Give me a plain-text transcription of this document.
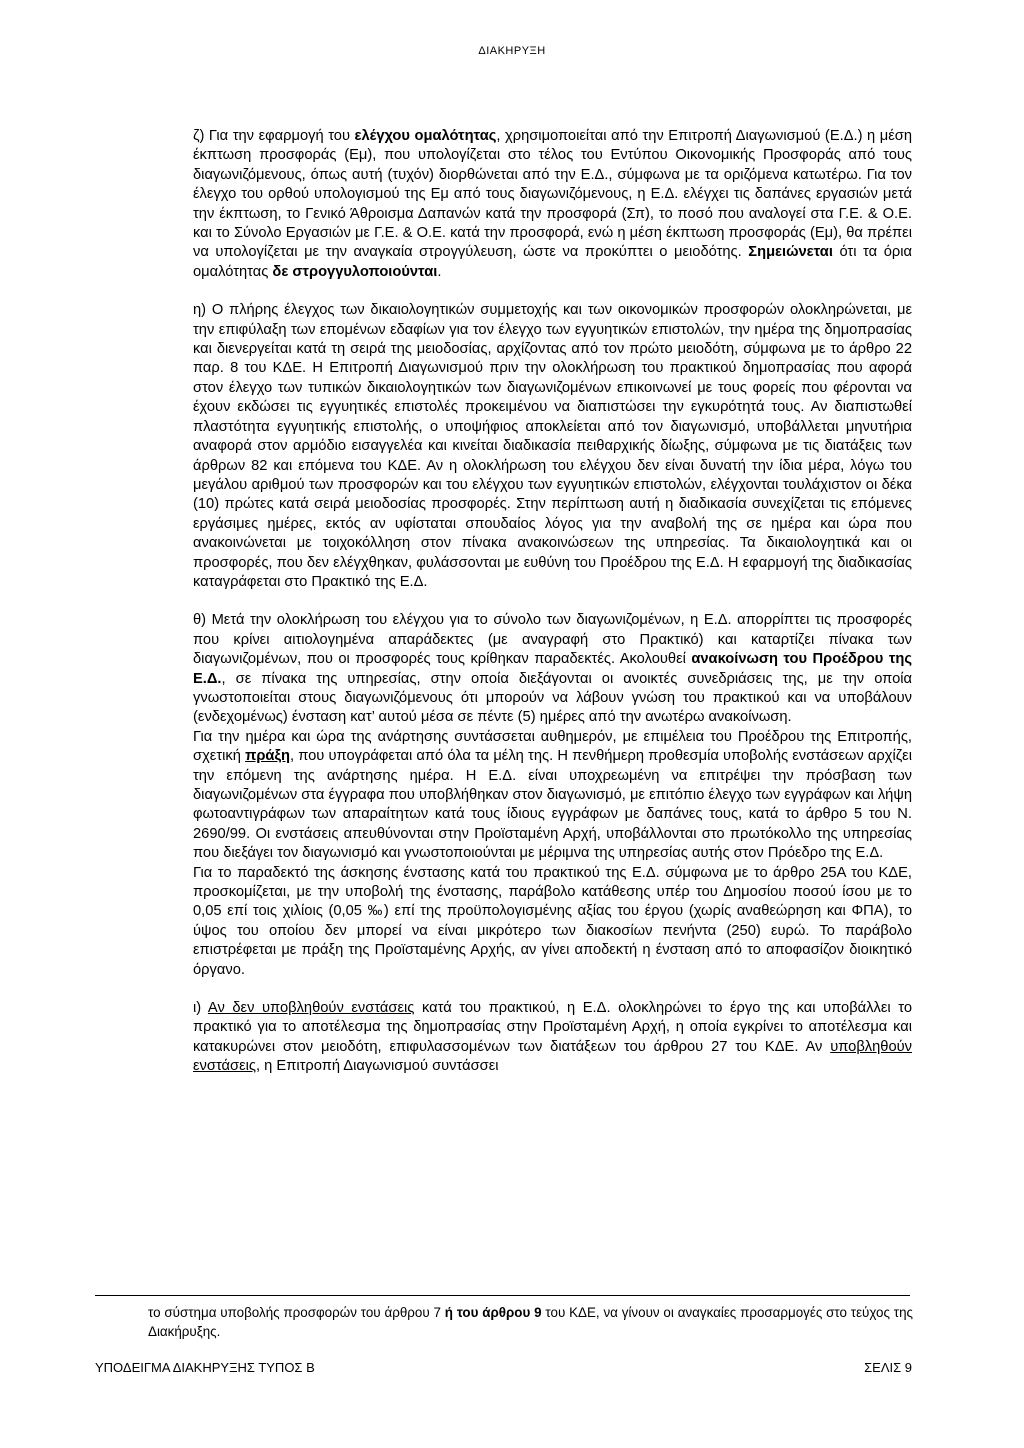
ΔΙΑΚΗΡΥΞΗ

ζ) Για την εφαρμογή του ελέγχου ομαλότητας, χρησιμοποιείται από την Επιτροπή Διαγωνισμού (Ε.Δ.) η μέση έκπτωση προσφοράς (Εμ), που υπολογίζεται στο τέλος του Εντύπου Οικονομικής Προσφοράς από τους διαγωνιζόμενους, όπως αυτή (τυχόν) διορθώνεται από την Ε.Δ., σύμφωνα με τα οριζόμενα κατωτέρω. Για τον έλεγχο του ορθού υπολογισμού της Εμ από τους διαγωνιζόμενους, η Ε.Δ. ελέγχει τις δαπάνες εργασιών μετά την έκπτωση, το Γενικό Άθροισμα Δαπανών κατά την προσφορά (Σπ), το ποσό που αναλογεί στα Γ.Ε. & Ο.Ε. και το Σύνολο Εργασιών με Γ.Ε. & Ο.Ε. κατά την προσφορά, ενώ η μέση έκπτωση προσφοράς (Εμ), θα πρέπει να υπολογίζεται με την αναγκαία στρογγύλευση, ώστε να προκύπτει ο μειοδότης. Σημειώνεται ότι τα όρια ομαλότητας δε στρογγυλοποιούνται.

η) Ο πλήρης έλεγχος των δικαιολογητικών συμμετοχής και των οικονομικών προσφορών ολοκληρώνεται, με την επιφύλαξη των επομένων εδαφίων για τον έλεγχο των εγγυητικών επιστολών, την ημέρα της δημοπρασίας και διενεργείται κατά τη σειρά της μειοδοσίας, αρχίζοντας από τον πρώτο μειοδότη, σύμφωνα με το άρθρο 22 παρ. 8 του ΚΔΕ. Η Επιτροπή Διαγωνισμού πριν την ολοκλήρωση του πρακτικού δημοπρασίας που αφορά στον έλεγχο των τυπικών δικαιολογητικών των διαγωνιζομένων επικοινωνεί με τους φορείς που φέρονται να έχουν εκδώσει τις εγγυητικές επιστολές προκειμένου να διαπιστώσει την εγκυρότητά τους. Αν διαπιστωθεί πλαστότητα εγγυητικής επιστολής, ο υποψήφιος αποκλείεται από τον διαγωνισμό, υποβάλλεται μηνυτήρια αναφορά στον αρμόδιο εισαγγελέα και κινείται διαδικασία πειθαρχικής δίωξης, σύμφωνα με τις διατάξεις των άρθρων 82 και επόμενα του ΚΔΕ. Αν η ολοκλήρωση του ελέγχου δεν είναι δυνατή την ίδια μέρα, λόγω του μεγάλου αριθμού των προσφορών και του ελέγχου των εγγυητικών επιστολών, ελέγχονται τουλάχιστον οι δέκα (10) πρώτες κατά σειρά μειοδοσίας προσφορές. Στην περίπτωση αυτή η διαδικασία συνεχίζεται τις επόμενες εργάσιμες ημέρες, εκτός αν υφίσταται σπουδαίος λόγος για την αναβολή της σε ημέρα και ώρα που ανακοινώνεται με τοιχοκόλληση στον πίνακα ανακοινώσεων της υπηρεσίας. Τα δικαιολογητικά και οι προσφορές, που δεν ελέγχθηκαν, φυλάσσονται με ευθύνη του Προέδρου της Ε.Δ. Η εφαρμογή της διαδικασίας καταγράφεται στο Πρακτικό της Ε.Δ.

θ) Μετά την ολοκλήρωση του ελέγχου για το σύνολο των διαγωνιζομένων, η Ε.Δ. απορρίπτει τις προσφορές που κρίνει αιτιολογημένα απαράδεκτες (με αναγραφή στο Πρακτικό) και καταρτίζει πίνακα των διαγωνιζομένων, που οι προσφορές τους κρίθηκαν παραδεκτές. Ακολουθεί ανακοίνωση του Προέδρου της Ε.Δ., σε πίνακα της υπηρεσίας, στην οποία διεξάγονται οι ανοικτές συνεδριάσεις της, με την οποία γνωστοποιείται στους διαγωνιζόμενους ότι μπορούν να λάβουν γνώση του πρακτικού και να υποβάλουν (ενδεχομένως) ένσταση κατ’ αυτού μέσα σε πέντε (5) ημέρες από την ανωτέρω ανακοίνωση.

Για την ημέρα και ώρα της ανάρτησης συντάσσεται αυθημερόν, με επιμέλεια του Προέδρου της Επιτροπής, σχετική πράξη, που υπογράφεται από όλα τα μέλη της. Η πενθήμερη προθεσμία υποβολής ενστάσεων αρχίζει την επόμενη της ανάρτησης ημέρα. Η Ε.Δ. είναι υποχρεωμένη να επιτρέψει την πρόσβαση των διαγωνιζομένων στα έγγραφα που υποβλήθηκαν στον διαγωνισμό, με επιτόπιο έλεγχο των εγγράφων και λήψη φωτοαντιγράφων των απαραίτητων κατά τους ίδιους εγγράφων με δαπάνες τους, κατά το άρθρο 5 του Ν. 2690/99. Οι ενστάσεις απευθύνονται στην Προϊσταμένη Αρχή, υποβάλλονται στο πρωτόκολλο της υπηρεσίας που διεξάγει τον διαγωνισμό και γνωστοποιούνται με μέριμνα της υπηρεσίας αυτής στον Πρόεδρο της Ε.Δ.

Για το παραδεκτό της άσκησης ένστασης κατά του πρακτικού της Ε.Δ. σύμφωνα με το άρθρο 25Α του ΚΔΕ, προσκομίζεται, με την υποβολή της ένστασης, παράβολο κατάθεσης υπέρ του Δημοσίου ποσού ίσου με το 0,05 επί τοις χιλίοις (0,05 ‰) επί της προϋπολογισμένης αξίας του έργου (χωρίς αναθεώρηση και ΦΠΑ), το ύψος του οποίου δεν μπορεί να είναι μικρότερο των διακοσίων πενήντα (250) ευρώ. Το παράβολο επιστρέφεται με πράξη της Προϊσταμένης Αρχής, αν γίνει αποδεκτή η ένσταση από το αποφασίζον διοικητικό όργανο.

ι) Αν δεν υποβληθούν ενστάσεις κατά του πρακτικού, η Ε.Δ. ολοκληρώνει το έργο της και υποβάλλει το πρακτικό για το αποτέλεσμα της δημοπρασίας στην Προϊσταμένη Αρχή, η οποία εγκρίνει το αποτέλεσμα και κατακυρώνει στον μειοδότη, επιφυλασσομένων των διατάξεων του άρθρου 27 του ΚΔΕ. Αν υποβληθούν ενστάσεις, η Επιτροπή Διαγωνισμού συντάσσει

το σύστημα υποβολής προσφορών του άρθρου 7 ή του άρθρου 9 του ΚΔΕ, να γίνουν οι αναγκαίες προσαρμογές στο τεύχος της Διακήρυξης.
ΥΠΟΔΕΙΓΜΑ ΔΙΑΚΗΡΥΞΗΣ ΤΥΠΟΣ Β	ΣΕΛΙΣ 9
